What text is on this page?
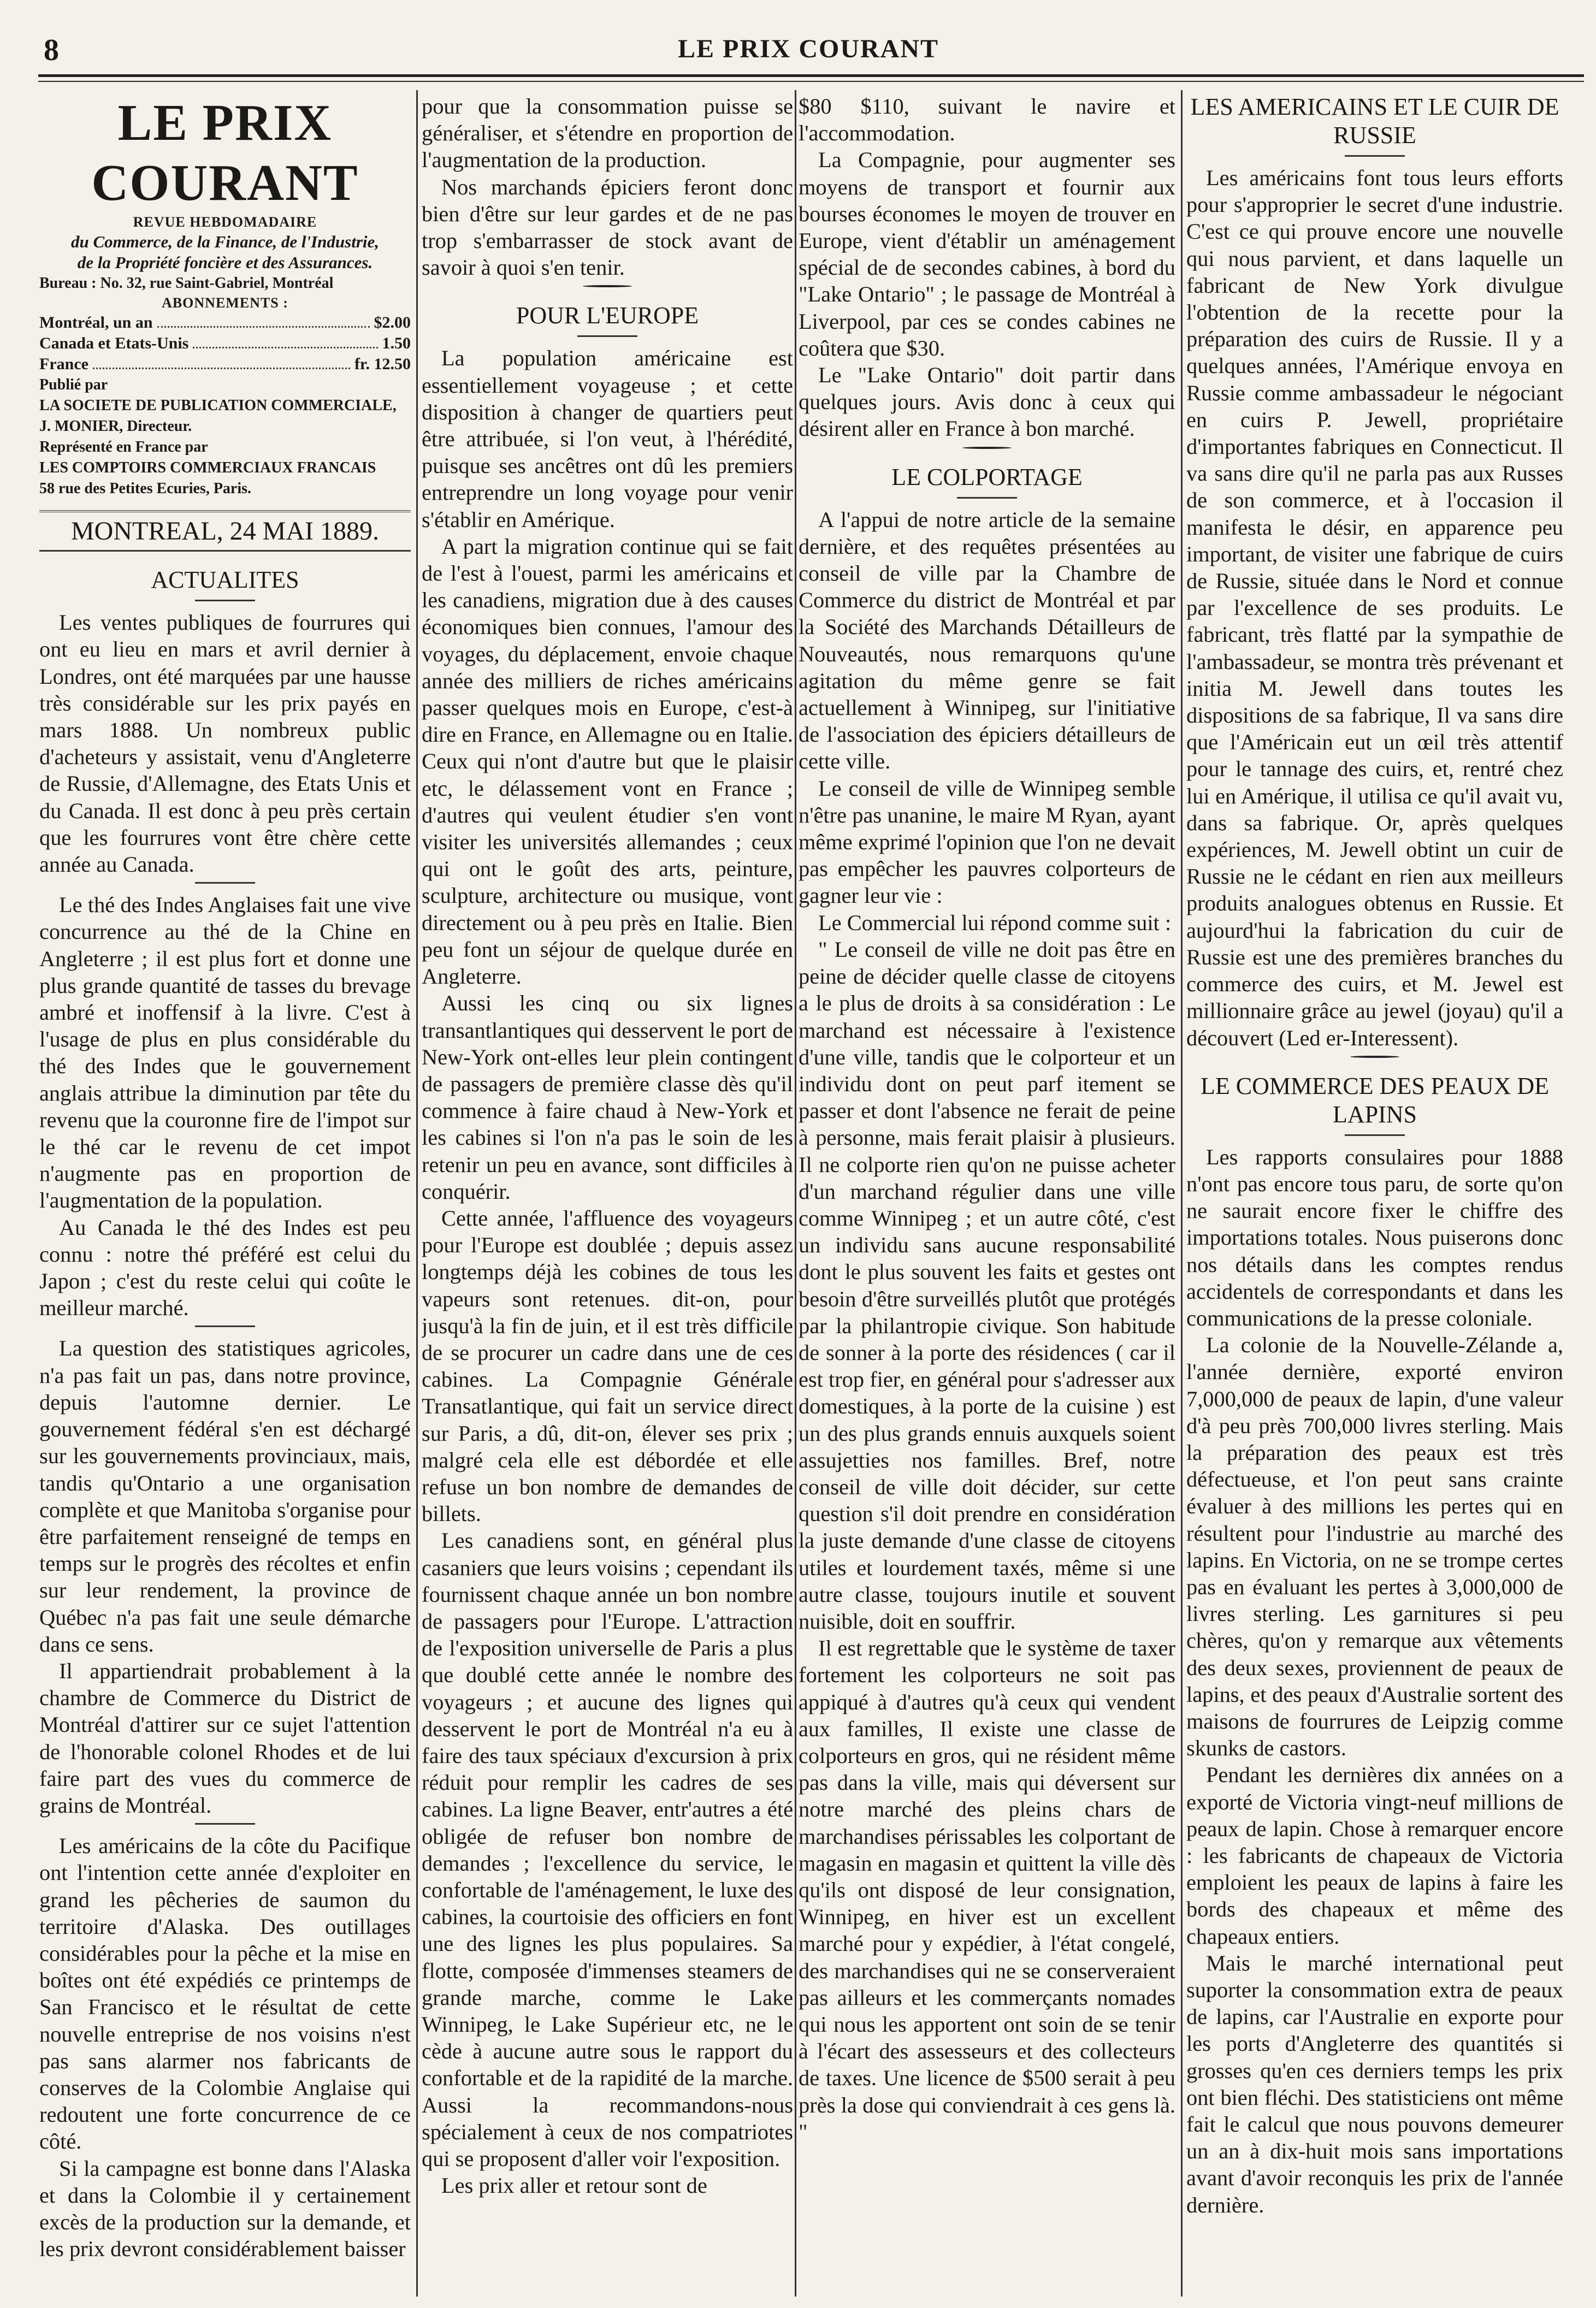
8	LE PRIX COURANT

LE PRIX COURANT

REVUE HEBDOMADAIRE

du Commerce, de la Finance, de l'Industrie,

de la Propriété foncière et des Assurances.

Bureau : No. 32, rue Saint-Gabriel, Montréal

ABONNEMENTS :

Montréal, un an	$2.00
Canada et Etats-Unis	1.50
France	fr. 12.50

Publié par

LA SOCIETE DE PUBLICATION COMMERCIALE,

J. MONIER, Directeur.

Représenté en France par

LES COMPTOIRS COMMERCIAUX FRANCAIS

58 rue des Petites Ecuries, Paris.

MONTREAL, 24 MAI 1889.

ACTUALITES

Les ventes publiques de fourrures qui ont eu lieu en mars et avril dernier à Londres, ont été marquées par une hausse très considérable sur les prix payés en mars 1888. Un nombreux public d'acheteurs y assistait, venu d'Angleterre de Russie, d'Allemagne, des Etats Unis et du Canada. Il est donc à peu près certain que les fourrures vont être chère cette année au Canada.

Le thé des Indes Anglaises fait une vive concurrence au thé de la Chine en Angleterre ; il est plus fort et donne une plus grande quantité de tasses du brevage ambré et inoffensif à la livre. C'est à l'usage de plus en plus considérable du thé des Indes que le gouvernement anglais attribue la diminution par tête du revenu que la couronne fire de l'impot sur le thé car le revenu de cet impot n'augmente pas en proportion de l'augmentation de la population.

Au Canada le thé des Indes est peu connu : notre thé préféré est celui du Japon ; c'est du reste celui qui coûte le meilleur marché.

La question des statistiques agricoles, n'a pas fait un pas, dans notre province, depuis l'automne dernier. Le gouvernement fédéral s'en est déchargé sur les gouvernements provinciaux, mais, tandis qu'Ontario a une organisation complète et que Manitoba s'organise pour être parfaitement renseigné de temps en temps sur le progrès des récoltes et enfin sur leur rendement, la province de Québec n'a pas fait une seule démarche dans ce sens.

Il appartiendrait probablement à la chambre de Commerce du District de Montréal d'attirer sur ce sujet l'attention de l'honorable colonel Rhodes et de lui faire part des vues du commerce de grains de Montréal.

Les américains de la côte du Pacifique ont l'intention cette année d'exploiter en grand les pêcheries de saumon du territoire d'Alaska. Des outillages considérables pour la pêche et la mise en boîtes ont été expédiés ce printemps de San Francisco et le résultat de cette nouvelle entreprise de nos voisins n'est pas sans alarmer nos fabricants de conserves de la Colombie Anglaise qui redoutent une forte concurrence de ce côté.

Si la campagne est bonne dans l'Alaska et dans la Colombie il y certainement excès de la production sur la demande, et les prix devront considérablement baisser

pour que la consommation puisse se généraliser, et s'étendre en proportion de l'augmentation de la production.

Nos marchands épiciers feront donc bien d'être sur leur gardes et de ne pas trop s'embarrasser de stock avant de savoir à quoi s'en tenir.

POUR L'EUROPE

La population américaine est essentiellement voyageuse ; et cette disposition à changer de quartiers peut être attribuée, si l'on veut, à l'hérédité, puisque ses ancêtres ont dû les premiers entreprendre un long voyage pour venir s'établir en Amérique.

A part la migration continue qui se fait de l'est à l'ouest, parmi les américains et les canadiens, migration due à des causes économiques bien connues, l'amour des voyages, du déplacement, envoie chaque année des milliers de riches américains passer quelques mois en Europe, c'est-à dire en France, en Allemagne ou en Italie. Ceux qui n'ont d'autre but que le plaisir etc, le délassement vont en France ; d'autres qui veulent étudier s'en vont visiter les universités allemandes ; ceux qui ont le goût des arts, peinture, sculpture, architecture ou musique, vont directement ou à peu près en Italie. Bien peu font un séjour de quelque durée en Angleterre.

Aussi les cinq ou six lignes transantlantiques qui desservent le port de New-York ont-elles leur plein contingent de passagers de première classe dès qu'il commence à faire chaud à New-York et les cabines si l'on n'a pas le soin de les retenir un peu en avance, sont difficiles à conquérir.

Cette année, l'affluence des voyageurs pour l'Europe est doublée ; depuis assez longtemps déjà les cobines de tous les vapeurs sont retenues. dit-on, pour jusqu'à la fin de juin, et il est très difficile de se procurer un cadre dans une de ces cabines. La Compagnie Générale Transatlantique, qui fait un service direct sur Paris, a dû, dit-on, élever ses prix ; malgré cela elle est débordée et elle refuse un bon nombre de demandes de billets.

Les canadiens sont, en général plus casaniers que leurs voisins ; cependant ils fournissent chaque année un bon nombre de passagers pour l'Europe. L'attraction de l'exposition universelle de Paris a plus que doublé cette année le nombre des voyageurs ; et aucune des lignes qui desservent le port de Montréal n'a eu à faire des taux spéciaux d'excursion à prix réduit pour remplir les cadres de ses cabines. La ligne Beaver, entr'autres a été obligée de refuser bon nombre de demandes ; l'excellence du service, le confortable de l'aménagement, le luxe des cabines, la courtoisie des officiers en font une des lignes les plus populaires. Sa flotte, composée d'immenses steamers de grande marche, comme le Lake Winnipeg, le Lake Supérieur etc, ne le cède à aucune autre sous le rapport du confortable et de la rapidité de la marche. Aussi la recommandons-nous spécialement à ceux de nos compatriotes qui se proposent d'aller voir l'exposition.

Les prix aller et retour sont de

$80 $110, suivant le navire et l'accommodation.

La Compagnie, pour augmenter ses moyens de transport et fournir aux bourses économes le moyen de trouver en Europe, vient d'établir un aménagement spécial de de secondes cabines, à bord du "Lake Ontario" ; le passage de Montréal à Liverpool, par ces se condes cabines ne coûtera que $30.

Le "Lake Ontario" doit partir dans quelques jours. Avis donc à ceux qui désirent aller en France à bon marché.

LE COLPORTAGE

A l'appui de notre article de la semaine dernière, et des requêtes présentées au conseil de ville par la Chambre de Commerce du district de Montréal et par la Société des Marchands Détailleurs de Nouveautés, nous remarquons qu'une agitation du même genre se fait actuellement à Winnipeg, sur l'initiative de l'association des épiciers détailleurs de cette ville.

Le conseil de ville de Winnipeg semble n'être pas unanine, le maire M Ryan, ayant même exprimé l'opinion que l'on ne devait pas empêcher les pauvres colporteurs de gagner leur vie :

Le Commercial lui répond comme suit :

" Le conseil de ville ne doit pas être en peine de décider quelle classe de citoyens a le plus de droits à sa considération : Le marchand est nécessaire à l'existence d'une ville, tandis que le colporteur et un individu dont on peut parf itement se passer et dont l'absence ne ferait de peine à personne, mais ferait plaisir à plusieurs. Il ne colporte rien qu'on ne puisse acheter d'un marchand régulier dans une ville comme Winnipeg ; et un autre côté, c'est un individu sans aucune responsabilité dont le plus souvent les faits et gestes ont besoin d'être surveillés plutôt que protégés par la philantropie civique. Son habitude de sonner à la porte des résidences ( car il est trop fier, en général pour s'adresser aux domestiques, à la porte de la cuisine ) est un des plus grands ennuis auxquels soient assujetties nos familles. Bref, notre conseil de ville doit décider, sur cette question s'il doit prendre en considération la juste demande d'une classe de citoyens utiles et lourdement taxés, même si une autre classe, toujours inutile et souvent nuisible, doit en souffrir.

Il est regrettable que le système de taxer fortement les colporteurs ne soit pas appiqué à d'autres qu'à ceux qui vendent aux familles, Il existe une classe de colporteurs en gros, qui ne résident même pas dans la ville, mais qui déversent sur notre marché des pleins chars de marchandises périssables les colportant de magasin en magasin et quittent la ville dès qu'ils ont disposé de leur consignation, Winnipeg, en hiver est un excellent marché pour y expédier, à l'état congelé, des marchandises qui ne se conserveraient pas ailleurs et les commerçants nomades qui nous les apportent ont soin de se tenir à l'écart des assesseurs et des collecteurs de taxes. Une licence de $500 serait à peu près la dose qui conviendrait à ces gens là. "

LES AMERICAINS ET LE CUIR DE RUSSIE

Les américains font tous leurs efforts pour s'approprier le secret d'une industrie. C'est ce qui prouve encore une nouvelle qui nous parvient, et dans laquelle un fabricant de New York divulgue l'obtention de la recette pour la préparation des cuirs de Russie. Il y a quelques années, l'Amérique envoya en Russie comme ambassadeur le négociant en cuirs P. Jewell, propriétaire d'importantes fabriques en Connecticut. Il va sans dire qu'il ne parla pas aux Russes de son commerce, et à l'occasion il manifesta le désir, en apparence peu important, de visiter une fabrique de cuirs de Russie, située dans le Nord et connue par l'excellence de ses produits. Le fabricant, très flatté par la sympathie de l'ambassadeur, se montra très prévenant et initia M. Jewell dans toutes les dispositions de sa fabrique, Il va sans dire que l'Américain eut un œil très attentif pour le tannage des cuirs, et, rentré chez lui en Amérique, il utilisa ce qu'il avait vu, dans sa fabrique. Or, après quelques expériences, M. Jewell obtint un cuir de Russie ne le cédant en rien aux meilleurs produits analogues obtenus en Russie. Et aujourd'hui la fabrication du cuir de Russie est une des premières branches du commerce des cuirs, et M. Jewel est millionnaire grâce au jewel (joyau) qu'il a découvert (Led er-Interessent).

LE COMMERCE DES PEAUX DE LAPINS

Les rapports consulaires pour 1888 n'ont pas encore tous paru, de sorte qu'on ne saurait encore fixer le chiffre des importations totales. Nous puiserons donc nos détails dans les comptes rendus accidentels de correspondants et dans les communications de la presse coloniale.

La colonie de la Nouvelle-Zélande a, l'année dernière, exporté environ 7,000,000 de peaux de lapin, d'une valeur d'à peu près 700,000 livres sterling. Mais la préparation des peaux est très défectueuse, et l'on peut sans crainte évaluer à des millions les pertes qui en résultent pour l'industrie au marché des lapins. En Victoria, on ne se trompe certes pas en évaluant les pertes à 3,000,000 de livres sterling. Les garnitures si peu chères, qu'on y remarque aux vêtements des deux sexes, proviennent de peaux de lapins, et des peaux d'Australie sortent des maisons de fourrures de Leipzig comme skunks de castors.

Pendant les dernières dix années on a exporté de Victoria vingt-neuf millions de peaux de lapin. Chose à remarquer encore : les fabricants de chapeaux de Victoria emploient les peaux de lapins à faire les bords des chapeaux et même des chapeaux entiers.

Mais le marché international peut suporter la consommation extra de peaux de lapins, car l'Australie en exporte pour les ports d'Angleterre des quantités si grosses qu'en ces derniers temps les prix ont bien fléchi. Des statisticiens ont même fait le calcul que nous pouvons demeurer un an à dix-huit mois sans importations avant d'avoir reconquis les prix de l'année dernière.
